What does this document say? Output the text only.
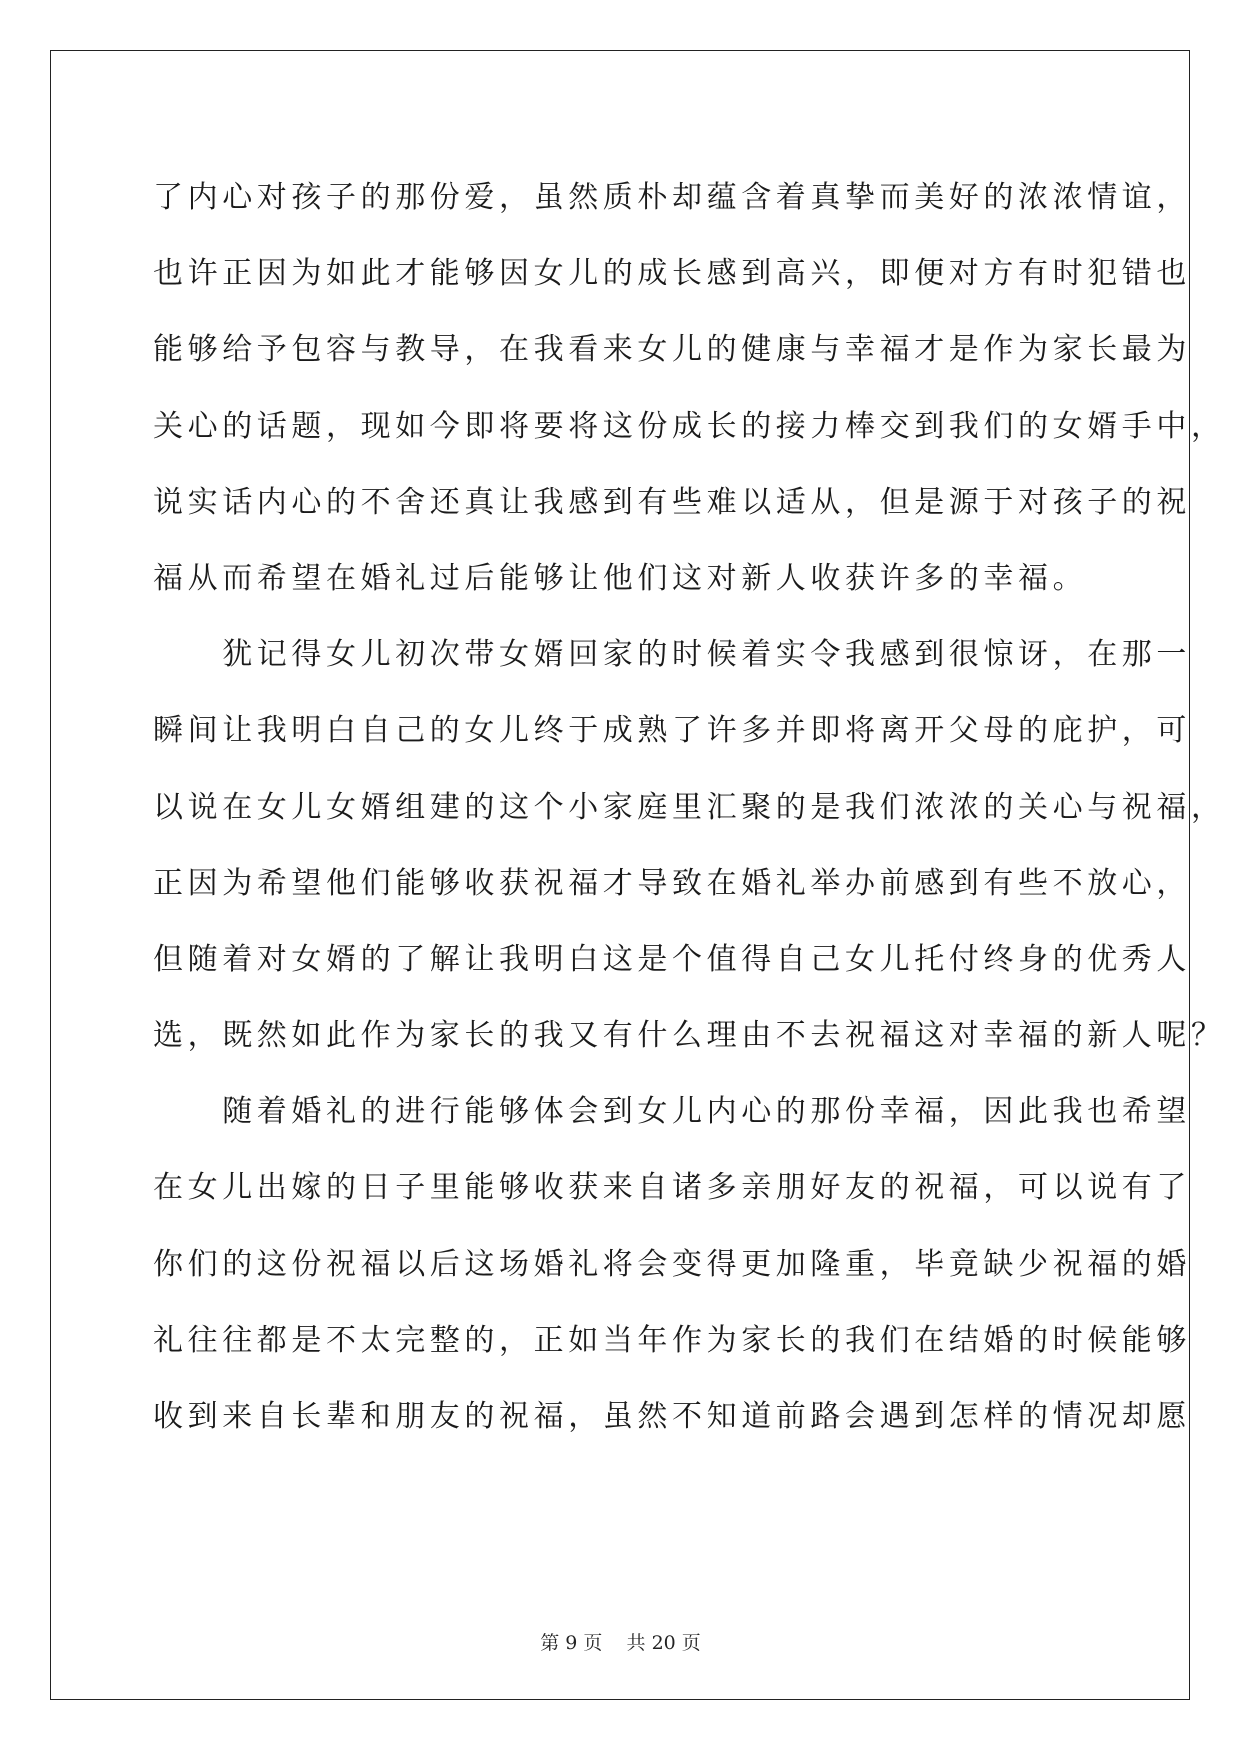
了内心对孩子的那份爱，虽然质朴却蕴含着真挚而美好的浓浓情谊，
也许正因为如此才能够因女儿的成长感到高兴，即便对方有时犯错也
能够给予包容与教导，在我看来女儿的健康与幸福才是作为家长最为
关心的话题，现如今即将要将这份成长的接力棒交到我们的女婿手中，
说实话内心的不舍还真让我感到有些难以适从，但是源于对孩子的祝
福从而希望在婚礼过后能够让他们这对新人收获许多的幸福。
　　犹记得女儿初次带女婿回家的时候着实令我感到很惊讶，在那一
瞬间让我明白自己的女儿终于成熟了许多并即将离开父母的庇护，可
以说在女儿女婿组建的这个小家庭里汇聚的是我们浓浓的关心与祝福，
正因为希望他们能够收获祝福才导致在婚礼举办前感到有些不放心，
但随着对女婿的了解让我明白这是个值得自己女儿托付终身的优秀人
选，既然如此作为家长的我又有什么理由不去祝福这对幸福的新人呢？
　　随着婚礼的进行能够体会到女儿内心的那份幸福，因此我也希望
在女儿出嫁的日子里能够收获来自诸多亲朋好友的祝福，可以说有了
你们的这份祝福以后这场婚礼将会变得更加隆重，毕竟缺少祝福的婚
礼往往都是不太完整的，正如当年作为家长的我们在结婚的时候能够
收到来自长辈和朋友的祝福，虽然不知道前路会遇到怎样的情况却愿
第 9 页    共 20 页
